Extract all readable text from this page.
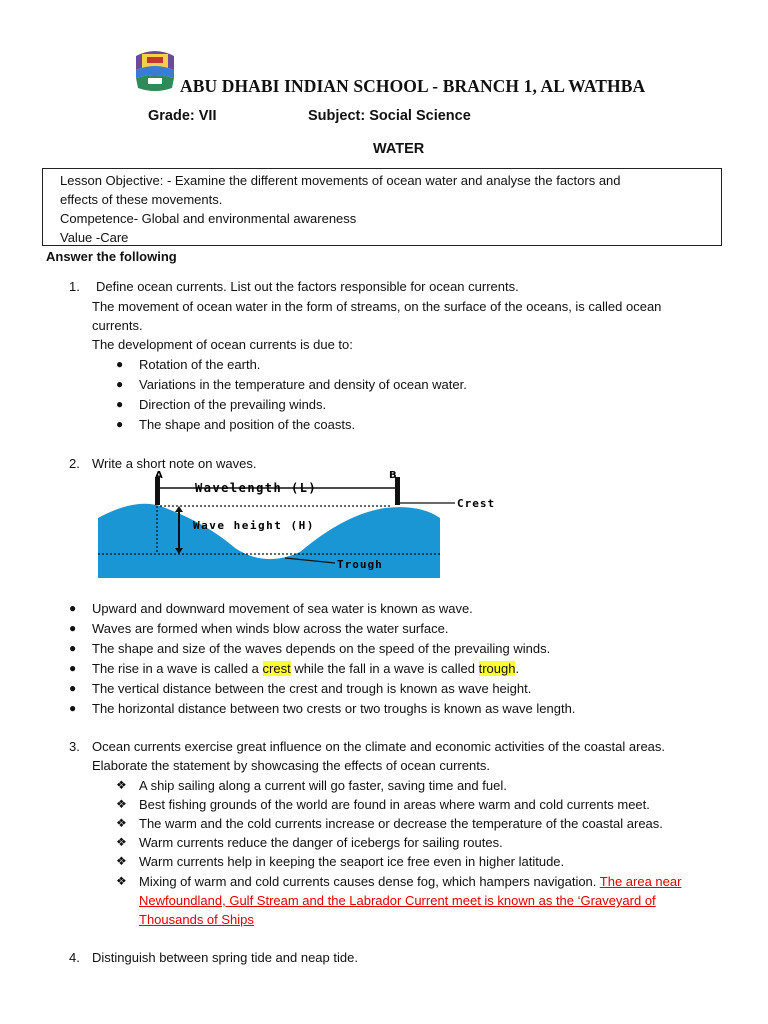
ABU DHABI INDIAN SCHOOL - BRANCH 1, AL WATHBA
Grade: VII	Subject: Social Science
WATER
Lesson Objective: - Examine the different movements of ocean water and analyse the factors and
effects of these movements.
Competence- Global and environmental awareness
Value -Care
Answer the following
1. Define ocean currents. List out the factors responsible for ocean currents.
The movement of ocean water in the form of streams, on the surface of the oceans, is called ocean
currents.
The development of ocean currents is due to:
● Rotation of the earth.
● Variations in the temperature and density of ocean water.
● Direction of the prevailing winds.
● The shape and position of the coasts.
2. Write a short note on waves.
A	B
Wavelength (L)
Crest
Wave height (H)
Trough
● Upward and downward movement of sea water is known as wave.
● Waves are formed when winds blow across the water surface.
● The shape and size of the waves depends on the speed of the prevailing winds.
● The rise in a wave is called a crest while the fall in a wave is called trough.
● The vertical distance between the crest and trough is known as wave height.
● The horizontal distance between two crests or two troughs is known as wave length.
3. Ocean currents exercise great influence on the climate and economic activities of the coastal areas.
Elaborate the statement by showcasing the effects of ocean currents.
❖ A ship sailing along a current will go faster, saving time and fuel.
❖ Best fishing grounds of the world are found in areas where warm and cold currents meet.
❖ The warm and the cold currents increase or decrease the temperature of the coastal areas.
❖ Warm currents reduce the danger of icebergs for sailing routes.
❖ Warm currents help in keeping the seaport ice free even in higher latitude.
❖ Mixing of warm and cold currents causes dense fog, which hampers navigation. The area near
Newfoundland, Gulf Stream and the Labrador Current meet is known as the ‘Graveyard of
Thousands of Ships
4. Distinguish between spring tide and neap tide.
